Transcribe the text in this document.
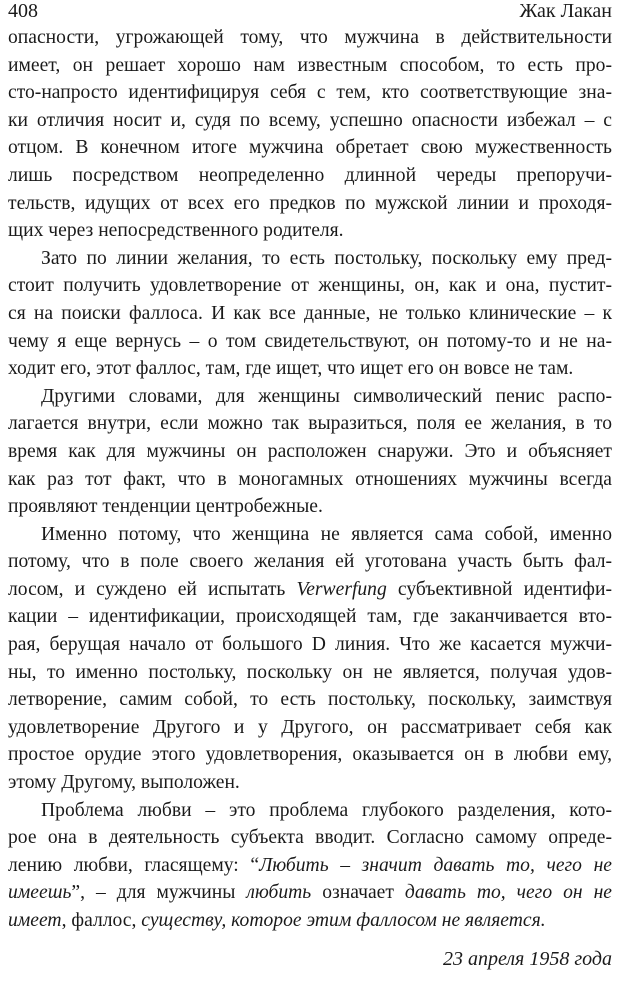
408	Жак Лакан
опасности, угрожающей тому, что мужчина в действительности
имеет, он решает хорошо нам известным способом, то есть про-
сто-напросто идентифицируя себя с тем, кто соответствующие зна-
ки отличия носит и, судя по всему, успешно опасности избежал – с
отцом. В конечном итоге мужчина обретает свою мужественность
лишь посредством неопределенно длинной череды препоручи-
тельств, идущих от всех его предков по мужской линии и проходя-
щих через непосредственного родителя.
Зато по линии желания, то есть постольку, поскольку ему пред-
стоит получить удовлетворение от женщины, он, как и она, пустит-
ся на поиски фаллоса. И как все данные, не только клинические – к
чему я еще вернусь – о том свидетельствуют, он потому-то и не на-
ходит его, этот фаллос, там, где ищет, что ищет его он вовсе не там.
Другими словами, для женщины символический пенис распо-
лагается внутри, если можно так выразиться, поля ее желания, в то
время как для мужчины он расположен снаружи. Это и объясняет
как раз тот факт, что в моногамных отношениях мужчины всегда
проявляют тенденции центробежные.
Именно потому, что женщина не является сама собой, именно
потому, что в поле своего желания ей уготована участь быть фал-
лосом, и суждено ей испытать Verwerfung субъективной идентифи-
кации – идентификации, происходящей там, где заканчивается вто-
рая, берущая начало от большого D линия. Что же касается мужчи-
ны, то именно постольку, поскольку он не является, получая удов-
летворение, самим собой, то есть постольку, поскольку, заимствуя
удовлетворение Другого и у Другого, он рассматривает себя как
простое орудие этого удовлетворения, оказывается он в любви ему,
этому Другому, выположен.
Проблема любви – это проблема глубокого разделения, кото-
рое она в деятельность субъекта вводит. Согласно самому опреде-
лению любви, гласящему: “Любить – значит давать то, чего не
имеешь”, – для мужчины любить означает давать то, чего он не
имеет, фаллос, существу, которое этим фаллосом не является.
23 апреля 1958 года
